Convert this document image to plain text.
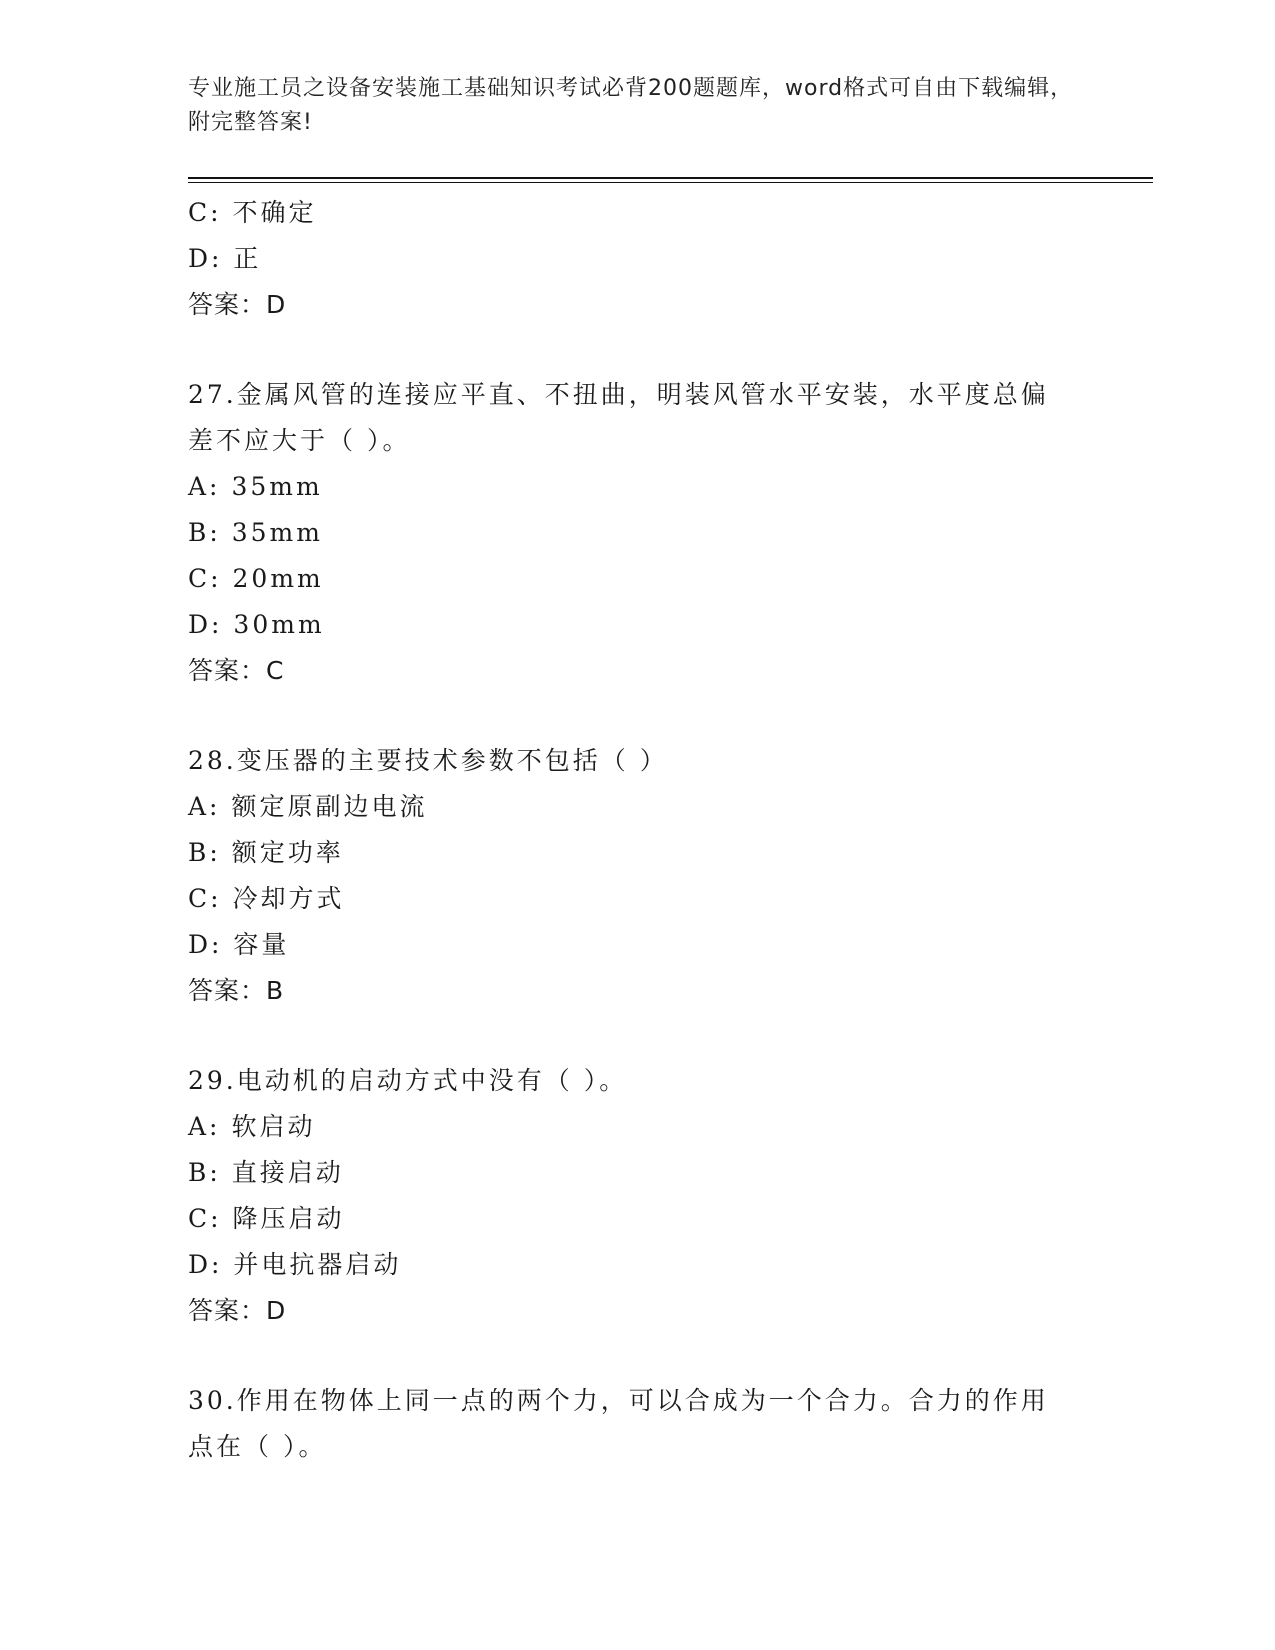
专业施工员之设备安装施工基础知识考试必背200题题库，word格式可自由下载编辑，附完整答案!
C: 不确定
D: 正
答案：D
27.金属风管的连接应平直、不扭曲，明装风管水平安装，水平度总偏差不应大于（ ）。
A: 35mm
B: 35mm
C: 20mm
D: 30mm
答案：C
28.变压器的主要技术参数不包括（ ）
A: 额定原副边电流
B: 额定功率
C: 冷却方式
D: 容量
答案：B
29.电动机的启动方式中没有（ ）。
A: 软启动
B: 直接启动
C: 降压启动
D: 并电抗器启动
答案：D
30.作用在物体上同一点的两个力，可以合成为一个合力。合力的作用点在（ ）。
